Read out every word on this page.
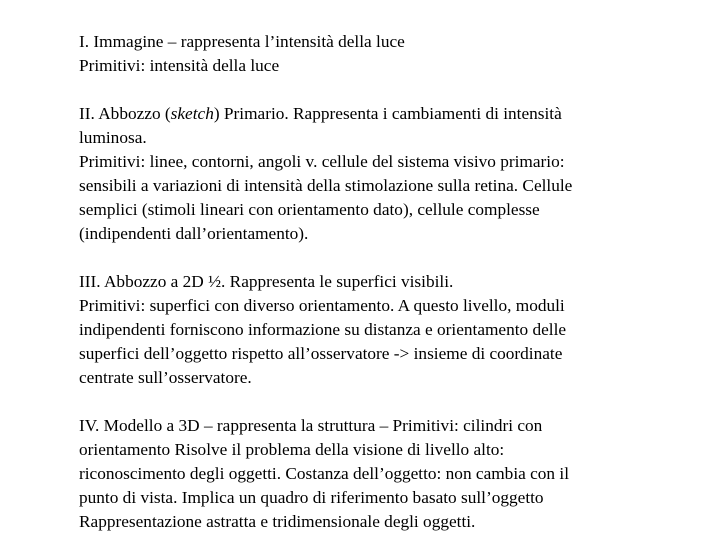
I. Immagine – rappresenta l’intensità della luce
Primitivi: intensità della luce
II. Abbozzo (sketch) Primario. Rappresenta i cambiamenti di intensità
luminosa.
Primitivi: linee, contorni, angoli v. cellule del sistema visivo primario:
sensibili a variazioni di intensità della stimolazione sulla retina. Cellule
semplici (stimoli lineari con orientamento dato), cellule complesse
(indipendenti dall’orientamento).
III. Abbozzo a 2D ½. Rappresenta le superfici visibili.
Primitivi: superfici con diverso orientamento. A questo livello, moduli
indipendenti forniscono informazione su distanza e orientamento delle
superfici dell’oggetto rispetto all’osservatore -> insieme di coordinate
centrate sull’osservatore.
IV. Modello a 3D – rappresenta la struttura – Primitivi: cilindri con
orientamento Risolve il problema della visione di livello alto:
riconoscimento degli oggetti. Costanza dell’oggetto: non cambia con il
punto di vista. Implica un quadro di riferimento basato sull’oggetto
Rappresentazione astratta e tridimensionale degli oggetti.
